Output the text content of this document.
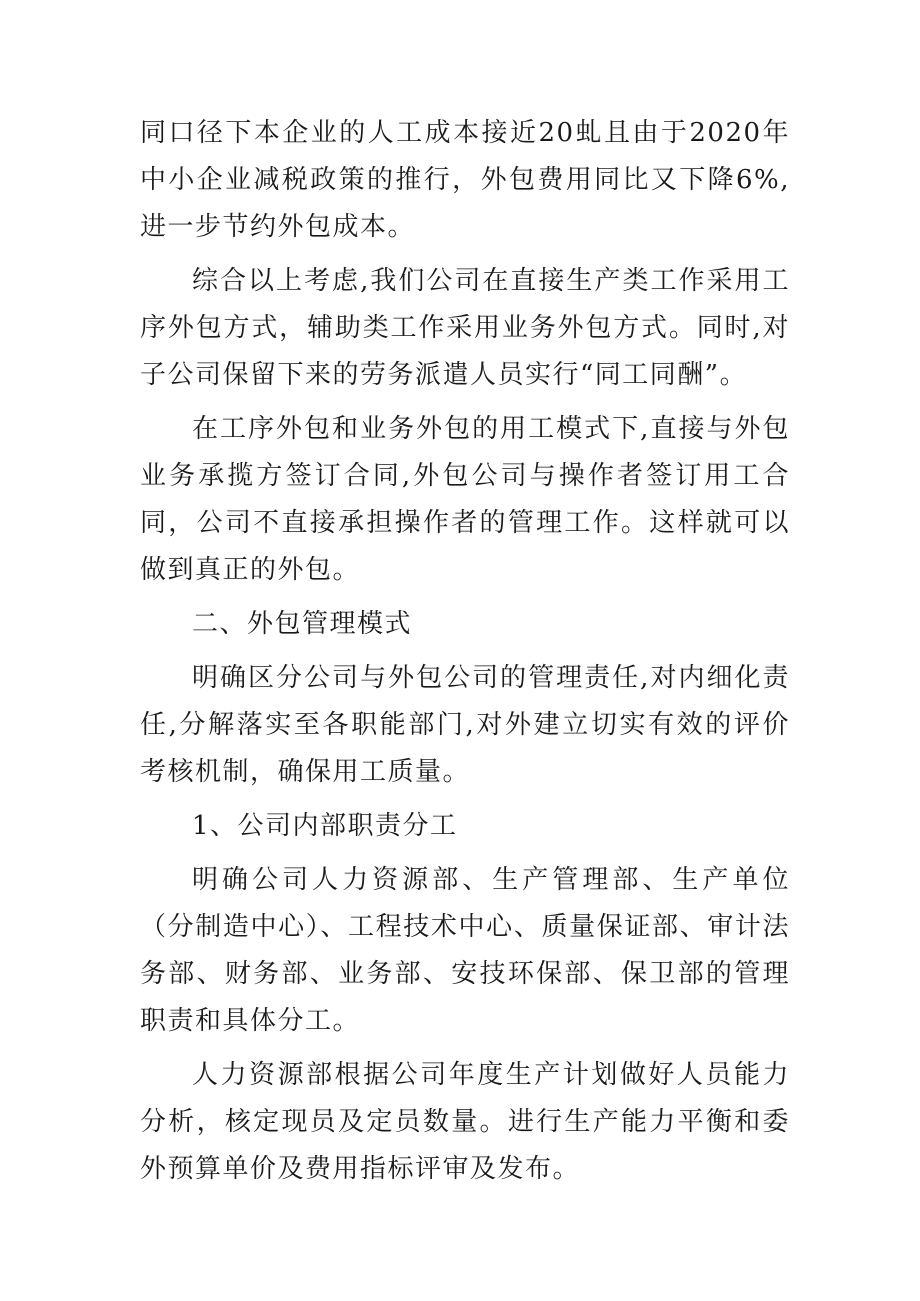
同口径下本企业的人工成本接近20虬且由于2020年中小企业减税政策的推行，外包费用同比又下降6%,进一步节约外包成本。

综合以上考虑,我们公司在直接生产类工作采用工序外包方式，辅助类工作采用业务外包方式。同时,对子公司保留下来的劳务派遣人员实行“同工同酬”。

在工序外包和业务外包的用工模式下,直接与外包业务承揽方签订合同,外包公司与操作者签订用工合同，公司不直接承担操作者的管理工作。这样就可以做到真正的外包。

二、外包管理模式

明确区分公司与外包公司的管理责任,对内细化责任,分解落实至各职能部门,对外建立切实有效的评价考核机制，确保用工质量。

1、公司内部职责分工

明确公司人力资源部、生产管理部、生产单位（分制造中心）、工程技术中心、质量保证部、审计法务部、财务部、业务部、安技环保部、保卫部的管理职责和具体分工。

人力资源部根据公司年度生产计划做好人员能力分析，核定现员及定员数量。进行生产能力平衡和委外预算单价及费用指标评审及发布。
